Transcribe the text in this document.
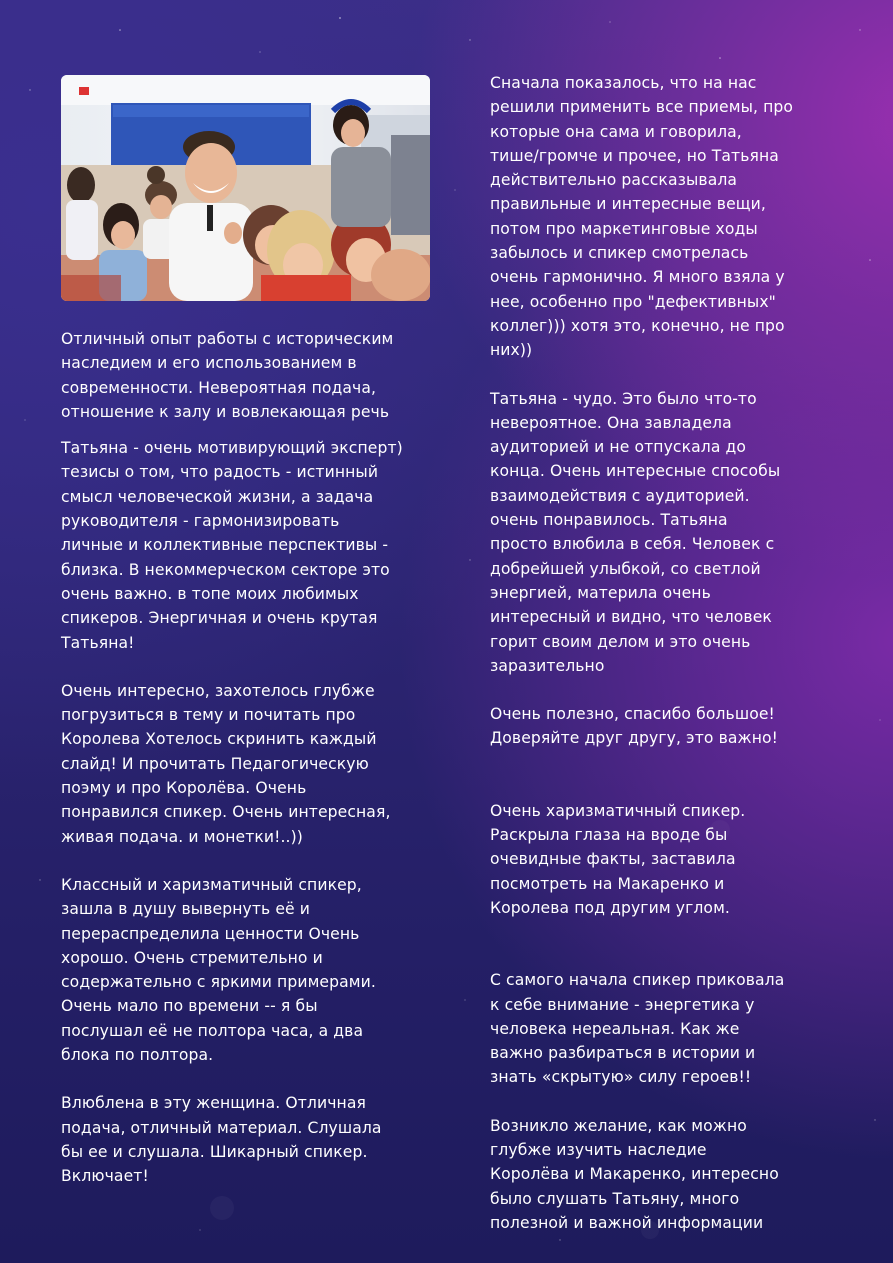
Отличный опыт работы с историческим
наследием и его использованием в
современности. Невероятная подача,
отношение к залу и вовлекающая речь

Татьяна - очень мотивирующий эксперт)
тезисы о том, что радость - истинный
смысл человеческой жизни, а задача
руководителя - гармонизировать
личные и коллективные перспективы -
близка. В некоммерческом секторе это
очень важно. в топе моих любимых
спикеров. Энергичная и очень крутая
Татьяна!

Очень интересно, захотелось глубже
погрузиться в тему и почитать про
Королева Хотелось скринить каждый
слайд! И прочитать Педагогическую
поэму и про Королёва. Очень
понравился спикер. Очень интересная,
живая подача. и монетки!..))

Классный и харизматичный спикер,
зашла в душу вывернуть её и
перераспределила ценности Очень
хорошо. Очень стремительно и
содержательно с яркими примерами.
Очень мало по времени -- я бы
послушал её не полтора часа, а два
блока по полтора.

Влюблена в эту женщина. Отличная
подача, отличный материал. Слушала
бы ее и слушала. Шикарный спикер.
Включает!

Сначала показалось, что на нас
решили применить все приемы, про
которые она сама и говорила,
тише/громче и прочее, но Татьяна
действительно рассказывала
правильные и интересные вещи,
потом про маркетинговые ходы
забылось и спикер смотрелась
очень гармонично. Я много взяла у
нее, особенно про "дефективных"
коллег))) хотя это, конечно, не про
них))

Татьяна - чудо. Это было что-то
невероятное. Она завладела
аудиторией и не отпускала до
конца. Очень интересные способы
взаимодействия с аудиторией.
очень понравилось. Татьяна
просто влюбила в себя. Человек с
добрейшей улыбкой, со светлой
энергией, материла очень
интересный и видно, что человек
горит своим делом и это очень
заразительно

Очень полезно, спасибо большое!
Доверяйте друг другу, это важно!

Очень харизматичный спикер.
Раскрыла глаза на вроде бы
очевидные факты, заставила
посмотреть на Макаренко и
Королева под другим углом.

С самого начала спикер приковала
к себе внимание - энергетика у
человека нереальная. Как же
важно разбираться в истории и
знать «скрытую» силу героев!!

Возникло желание, как можно
глубже изучить наследие
Королёва и Макаренко, интересно
было слушать Татьяну, много
полезной и важной информации
